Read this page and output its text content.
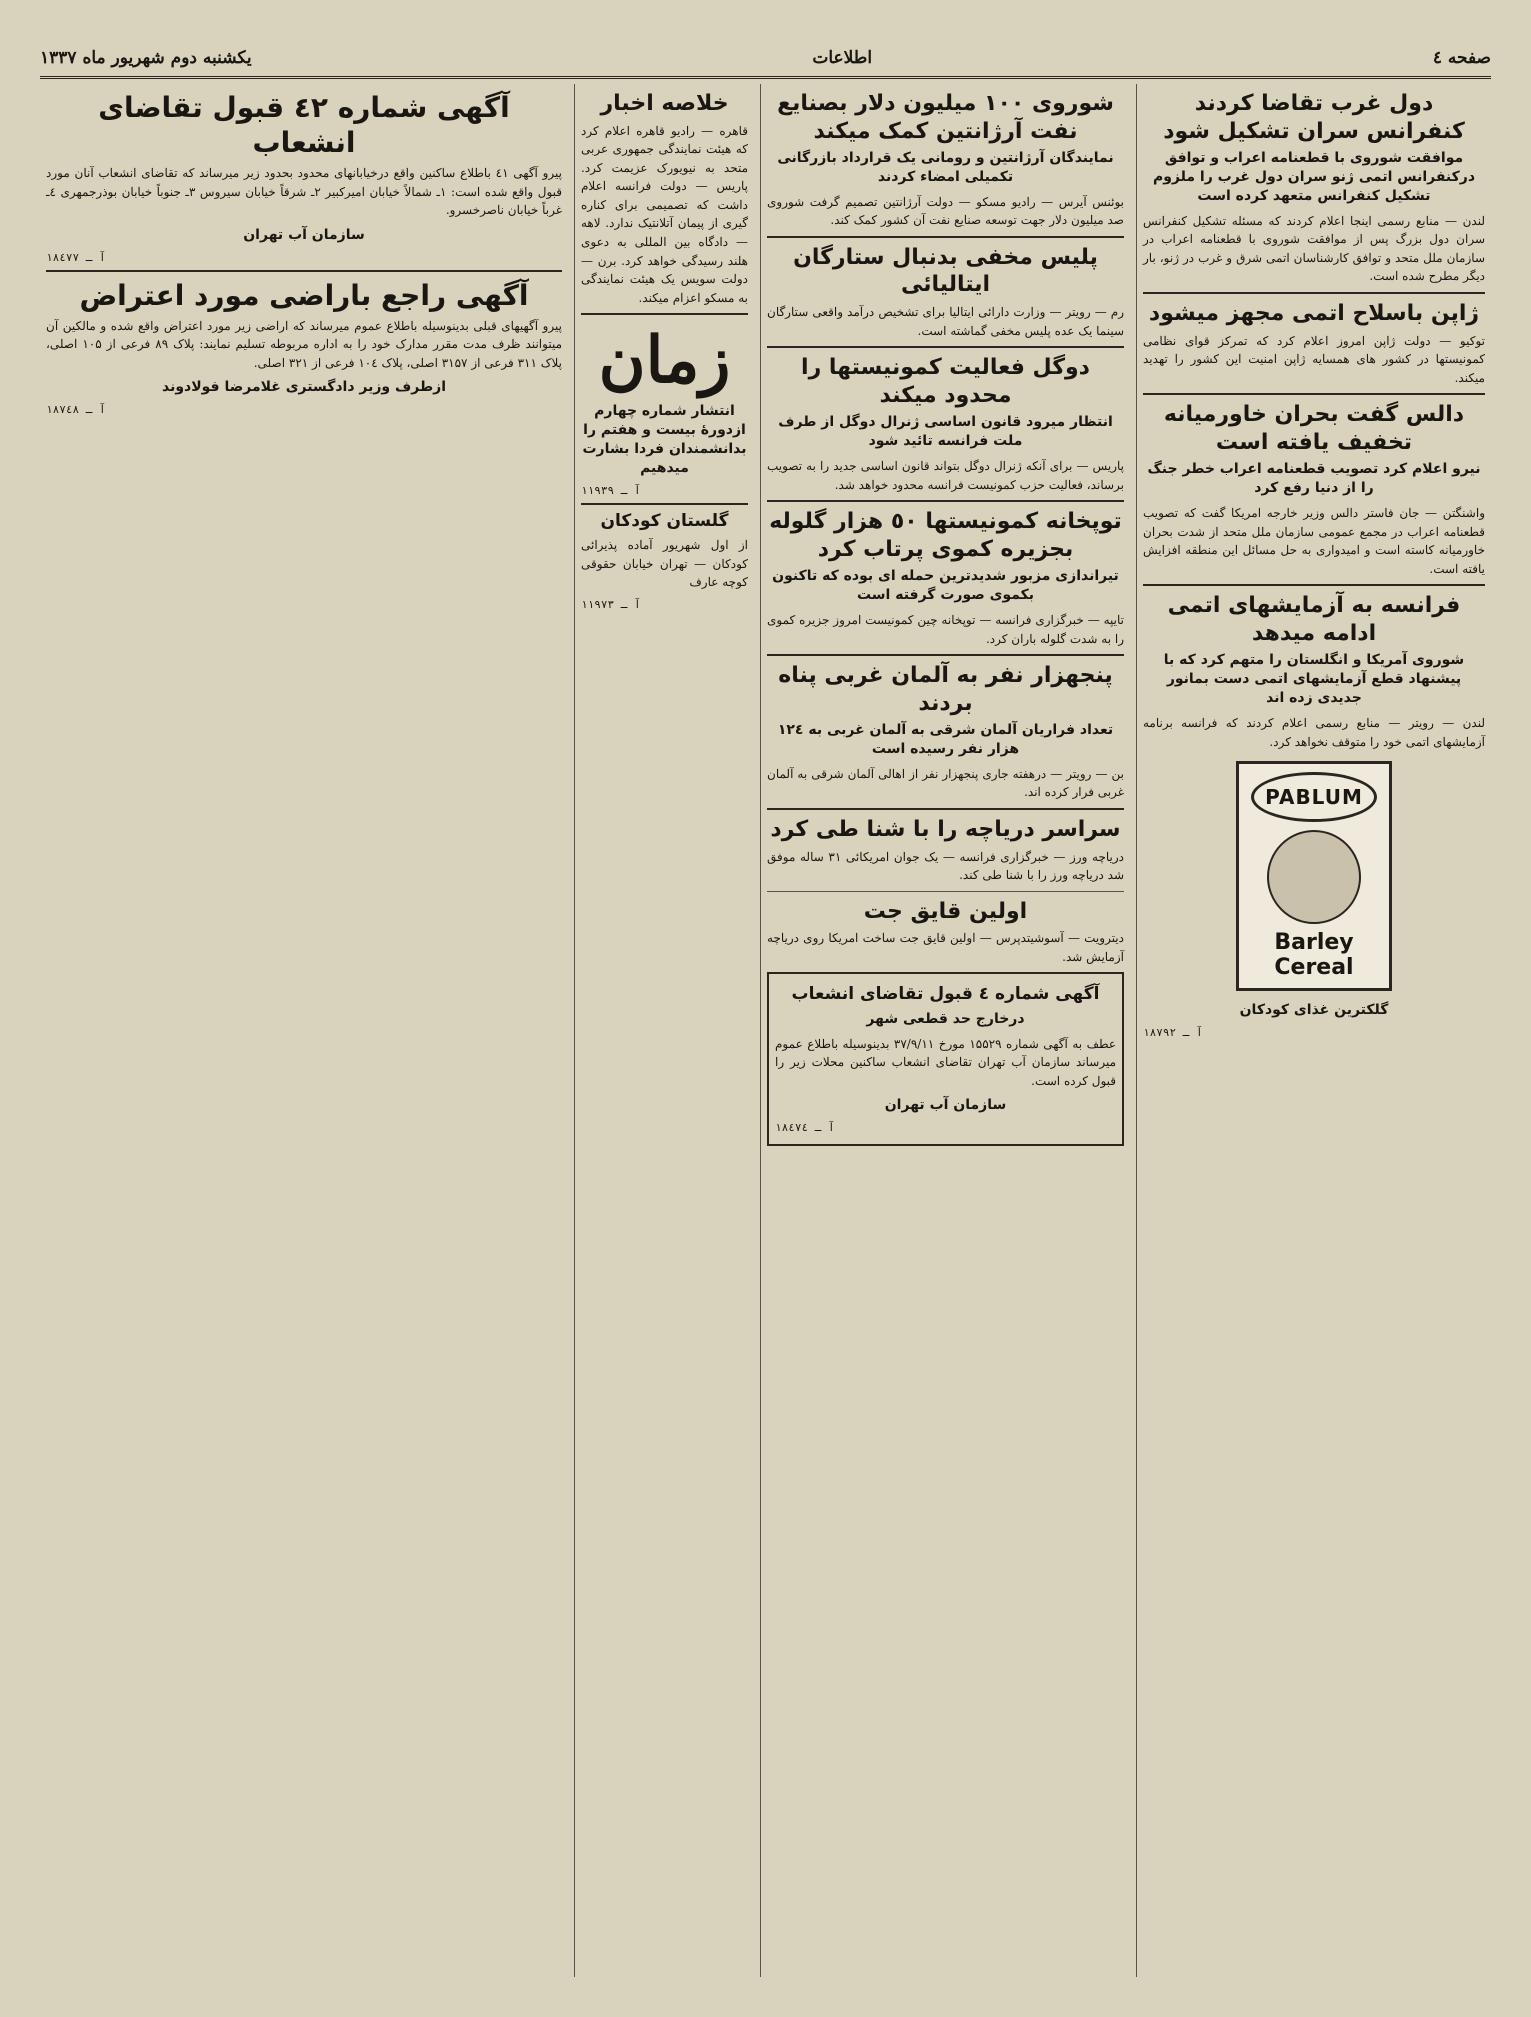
صفحه ٤
اطلاعات
یکشنبه دوم شهریور ماه ۱۳۳۷
دول غرب تقاضا کردند کنفرانس سران تشکیل شود
موافقت شوروی با قطعنامه اعراب و توافق درکنفرانس اتمی ژنو سران دول غرب را ملزوم تشکیل کنفرانس متعهد کرده است

لندن — منابع رسمی اینجا اعلام کردند که مسئله تشکیل کنفرانس سران دول بزرگ پس از موافقت شوروی با قطعنامه اعراب در سازمان ملل متحد و توافق کارشناسان اتمی شرق و غرب در ژنو، بار دیگر مطرح شده است.

ژاپن باسلاح اتمی مجهز میشود

توکیو — دولت ژاپن امروز اعلام کرد که تمرکز قوای نظامی کمونیستها در کشور های همسایه ژاپن امنیت این کشور را تهدید میکند.

دالس گفت بحران خاورمیانه تخفیف یافته است
نیرو اعلام کرد تصویب قطعنامه اعراب خطر جنگ را از دنیا رفع کرد

واشنگتن — جان فاستر دالس وزیر خارجه امریکا گفت که تصویب قطعنامه اعراب در مجمع عمومی سازمان ملل متحد از شدت بحران خاورمیانه کاسته است و امیدواری به حل مسائل این منطقه افزایش یافته است.

فرانسه به آزمایشهای اتمی ادامه میدهد
شوروی آمریکا و انگلستان را متهم کرد که با پیشنهاد قطع آزمایشهای اتمی دست بمانور جدیدی زده اند

لندن — رویتر — منابع رسمی اعلام کردند که فرانسه برنامه آزمایشهای اتمی خود را متوقف نخواهد کرد.

PABLUM
Barley Cereal
گلکترین غذای کودکان
آ ـ ۱۸۷۹۲
شوروی ۱۰۰ میلیون دلار بصنایع نفت آرژانتین کمک میکند
نمایندگان آرژانتین و رومانی یک قرارداد بازرگانی تکمیلی امضاء کردند

بوئنس آیرس — رادیو مسکو — دولت آرژانتین تصمیم گرفت شوروی صد میلیون دلار جهت توسعه صنایع نفت آن کشور کمک کند.

پلیس مخفی بدنبال ستارگان ایتالیائی

رم — رویتر — وزارت دارائی ایتالیا برای تشخیص درآمد واقعی ستارگان سینما یک عده پلیس مخفی گماشته است.

دوگل فعالیت کمونیستها را محدود میکند
انتظار میرود قانون اساسی ژنرال دوگل از طرف ملت فرانسه تائید شود

پاریس — برای آنکه ژنرال دوگل بتواند قانون اساسی جدید را به تصویب برساند، فعالیت حزب کمونیست فرانسه محدود خواهد شد.

توپخانه کمونیستها ٥٠ هزار گلوله بجزیره کموی پرتاب کرد
تیراندازی مزبور شدیدترین حمله ای بوده که تاکنون بکموی صورت گرفته است

تایپه — خبرگزاری فرانسه — توپخانه چین کمونیست امروز جزیره کموی را به شدت گلوله باران کرد.

پنجهزار نفر به آلمان غربی پناه بردند
تعداد فراریان آلمان شرقی به آلمان غربی به ۱۲٤ هزار نفر رسیده است

بن — رویتر — درهفته جاری پنجهزار نفر از اهالی آلمان شرقی به آلمان غربی فرار کرده اند.

سراسر دریاچه را با شنا طی کرد

دریاچه ورز — خبرگزاری فرانسه — یک جوان امریکائی ۳۱ ساله موفق شد دریاچه ورز را با شنا طی کند.

اولین قایق جت

دیترویت — آسوشیتدپرس — اولین قایق جت ساخت امریکا روی دریاچه آزمایش شد.

آگهی شماره ٤ قبول تقاضای انشعاب
درخارج حد قطعی شهر

عطف به آگهی شماره ۱۵۵۲۹ مورخ ۳۷/۹/۱۱ بدینوسیله باطلاع عموم میرساند سازمان آب تهران تقاضای انشعاب ساکنین محلات زیر را قبول کرده است.

سازمان آب تهران
آ ـ ۱۸٤۷٤
خلاصه اخبار

قاهره — رادیو قاهره اعلام کرد که هیئت نمایندگی جمهوری عربی متحد به نیویورک عزیمت کرد. پاریس — دولت فرانسه اعلام داشت که تصمیمی برای کناره گیری از پیمان آتلانتیک ندارد. لاهه — دادگاه بین المللی به دعوی هلند رسیدگی خواهد کرد. برن — دولت سویس یک هیئت نمایندگی به مسکو اعزام میکند.

زمان
انتشار شماره چهارم ازدورهٔ بیست و هفتم را بدانشمندان فردا بشارت میدهیم
آ ـ ۱۱۹۳۹
گلستان کودکان

از اول شهریور آماده پذیرائی کودکان — تهران خیابان حقوقی کوچه عارف

آ ـ ۱۱۹۷۳
آگهی شماره ٤۲ قبول تقاضای انشعاب

پیرو آگهی ٤۱ باطلاع ساکنین واقع درخیابانهای محدود بحدود زیر میرساند که تقاضای انشعاب آنان مورد قبول واقع شده است: ۱ـ شمالاً خیابان امیرکبیر ۲ـ شرقاً خیابان سیروس ۳ـ جنوباً خیابان بوذرجمهری ٤ـ غرباً خیابان ناصرخسرو.

سازمان آب تهران
آ ـ ۱۸٤۷۷
آگهی راجع باراضی مورد اعتراض

پیرو آگهیهای قبلی بدینوسیله باطلاع عموم میرساند که اراضی زیر مورد اعتراض واقع شده و مالکین آن میتوانند ظرف مدت مقرر مدارک خود را به اداره مربوطه تسلیم نمایند: پلاک ۸۹ فرعی از ۱۰۵ اصلی، پلاک ۳۱۱ فرعی از ۳۱۵۷ اصلی، پلاک ۱۰٤ فرعی از ۳۲۱ اصلی.

ازطرف وزیر دادگستری غلامرضا فولادوند
آ ـ ۱۸۷٤۸
